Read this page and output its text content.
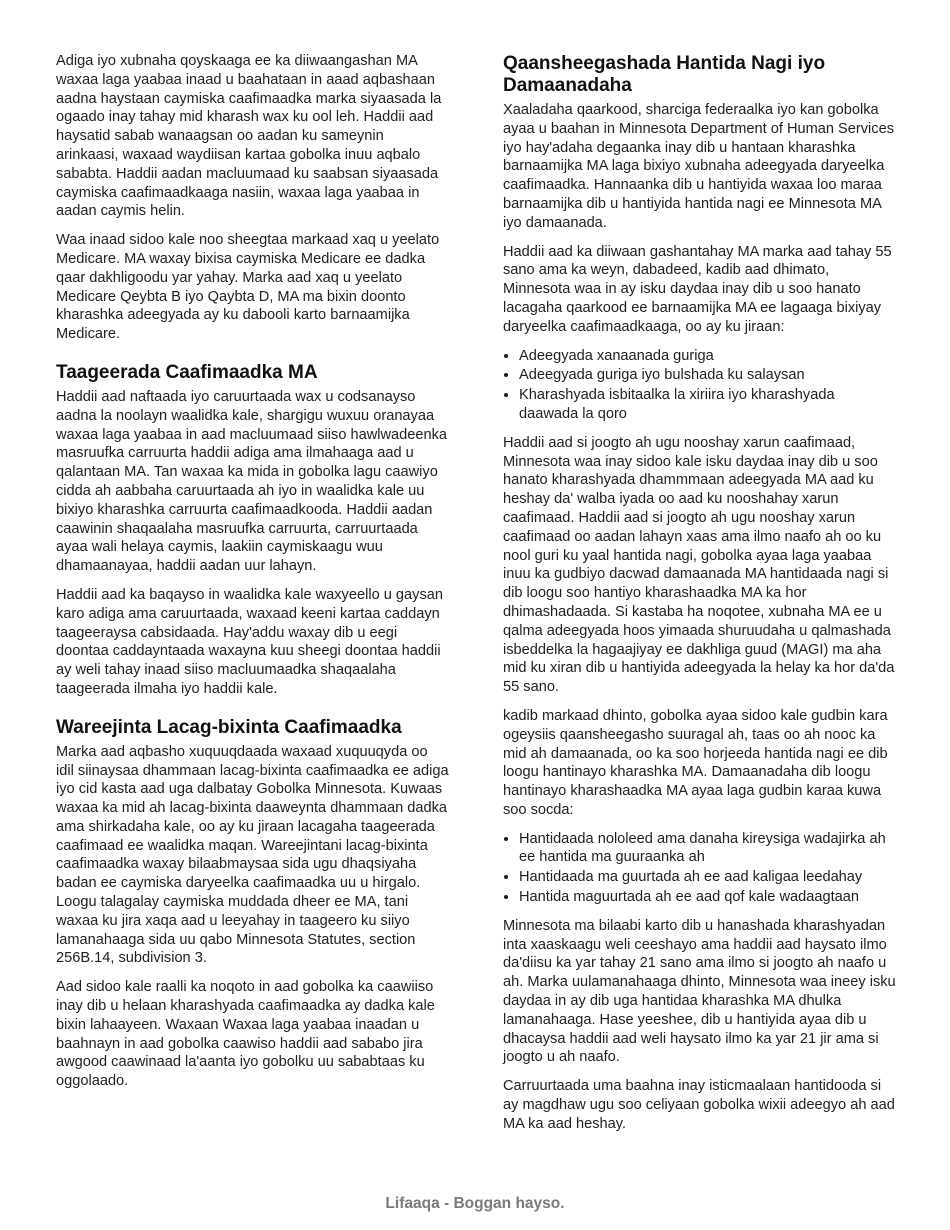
Adiga iyo xubnaha qoyskaaga ee ka diiwaangashan MA waxaa laga yaabaa inaad u baahataan in aaad aqbashaan aadna haystaan caymiska caafimaadka marka siyaasada la ogaado inay tahay mid kharash wax ku ool leh. Haddii aad haysatid sabab wanaagsan oo aadan ku sameynin arinkaasi, waxaad waydiisan kartaa gobolka inuu aqbalo sababta. Haddii aadan macluumaad ku saabsan siyaasada caymiska caafimaadkaaga nasiin, waxaa laga yaabaa in aadan caymis helin.

Waa inaad sidoo kale noo sheegtaa markaad xaq u yeelato Medicare. MA waxay bixisa caymiska Medicare ee dadka qaar dakhligoodu yar yahay. Marka aad xaq u yeelato Medicare Qeybta B iyo Qaybta D, MA ma bixin doonto kharashka adeegyada ay ku dabooli karto barnaamijka Medicare.

Taageerada Caafimaadka MA

Haddii aad naftaada iyo caruurtaada wax u codsanayso aadna la noolayn waalidka kale, shargigu wuxuu oranayaa waxaa laga yaabaa in aad macluumaad siiso hawlwadeenka masruufka carruurta haddii adiga ama ilmahaaga aad u qalantaan MA. Tan waxaa ka mida in gobolka lagu caawiyo cidda ah aabbaha caruurtaada ah iyo in waalidka kale uu bixiyo kharashka carruurta caafimaadkooda. Haddii aadan caawinin shaqaalaha masruufka carruurta, carruurtaada ayaa wali helaya caymis, laakiin caymiskaagu wuu dhamaanayaa, haddii aadan uur lahayn.

Haddii aad ka baqayso in waalidka kale waxyeello u gaysan karo adiga ama caruurtaada, waxaad keeni kartaa caddayn taageeraysa cabsidaada. Hay'addu waxay dib u eegi doontaa caddayntaada waxayna kuu sheegi doontaa haddii ay weli tahay inaad siiso macluumaadka shaqaalaha taageerada ilmaha iyo haddii kale.

Wareejinta Lacag-bixinta Caafimaadka

Marka aad aqbasho xuquuqdaada waxaad xuquuqyda oo idil siinaysaa dhammaan lacag-bixinta caafimaadka ee adiga iyo cid kasta aad uga dalbatay Gobolka Minnesota. Kuwaas waxaa ka mid ah lacag-bixinta daaweynta dhammaan dadka ama shirkadaha kale, oo ay ku jiraan lacagaha taageerada caafimaad ee waalidka maqan. Wareejintani lacag-bixinta caafimaadka waxay bilaabmaysaa sida ugu dhaqsiyaha badan ee caymiska daryeelka caafimaadka uu u hirgalo. Loogu talagalay caymiska muddada dheer ee MA, tani waxaa ku jira xaqa aad u leeyahay in taageero ku siiyo lamanahaaga sida uu qabo Minnesota Statutes, section 256B.14, subdivision 3.

Aad sidoo kale raalli ka noqoto in aad gobolka ka caawiiso inay dib u helaan kharashyada caafimaadka ay dadka kale bixin lahaayeen. Waxaan Waxaa laga yaabaa inaadan u baahnayn in aad gobolka caawiso haddii aad sababo jira awgood caawinaad la'aanta iyo gobolku uu sababtaas ku oggolaado.

Qaansheegashada Hantida Nagi iyo Damaanadaha

Xaaladaha qaarkood, sharciga federaalka iyo kan gobolka ayaa u baahan in Minnesota Department of Human Services iyo hay'adaha degaanka inay dib u hantaan kharashka barnaamijka MA laga bixiyo xubnaha adeegyada daryeelka caafimaadka. Hannaanka dib u hantiyida waxaa loo maraa barnaamijka dib u hantiyida hantida nagi ee Minnesota MA iyo damaanada.

Haddii aad ka diiwaan gashantahay MA marka aad tahay 55 sano ama ka weyn, dabadeed, kadib aad dhimato, Minnesota waa in ay isku daydaa inay dib u soo hanato lacagaha qaarkood ee barnaamijka MA ee lagaaga bixiyay daryeelka caafimaadkaaga, oo ay ku jiraan:

• Adeegyada xanaanada guriga
• Adeegyada guriga iyo bulshada ku salaysan
• Kharashyada isbitaalka la xiriira iyo kharashyada daawada la qoro

Haddii aad si joogto ah ugu nooshay xarun caafimaad, Minnesota waa inay sidoo kale isku daydaa inay dib u soo hanato kharashyada dhammmaan adeegyada MA aad ku heshay da' walba iyada oo aad ku nooshahay xarun caafimaad. Haddii aad si joogto ah ugu nooshay xarun caafimaad oo aadan lahayn xaas ama ilmo naafo ah oo ku nool guri ku yaal hantida nagi, gobolka ayaa laga yaabaa inuu ka gudbiyo dacwad damaanada MA hantidaada nagi si dib loogu soo hantiyo kharashaadka MA ka hor dhimashadaada. Si kastaba ha noqotee, xubnaha MA ee u qalma adeegyada hoos yimaada shuruudaha u qalmashada isbeddelka la hagaajiyay ee dakhliga guud (MAGI) ma aha mid ku xiran dib u hantiyida adeegyada la helay ka hor da'da 55 sano.

kadib markaad dhinto, gobolka ayaa sidoo kale gudbin kara ogeysiis qaansheegasho suuragal ah, taas oo ah nooc ka mid ah damaanada, oo ka soo horjeeda hantida nagi ee dib loogu hantinayo kharashka MA. Damaanadaha dib loogu hantinayo kharashaadka MA ayaa laga gudbin karaa kuwa soo socda:

• Hantidaada nololeed ama danaha kireysiga wadajirka ah ee hantida ma guuraanka ah
• Hantidaada ma guurtada ah ee aad kaligaa leedahay
• Hantida maguurtada ah ee aad qof kale wadaagtaan

Minnesota ma bilaabi karto dib u hanashada kharashyadan inta xaaskaagu weli ceeshayo ama haddii aad haysato ilmo da'diisu ka yar tahay 21 sano ama ilmo si joogto ah naafo u ah. Marka uulamanahaaga dhinto, Minnesota waa ineey isku daydaa in ay dib uga hantidaa kharashka MA dhulka lamanahaaga. Hase yeeshee, dib u hantiyida ayaa dib u dhacaysa haddii aad weli haysato ilmo ka yar 21 jir ama si joogto u ah naafo.

Carruurtaada uma baahna inay isticmaalaan hantidooda si ay magdhaw ugu soo celiyaan gobolka wixii adeegyo ah aad MA ka aad heshay.

Lifaaqa - Boggan hayso.
